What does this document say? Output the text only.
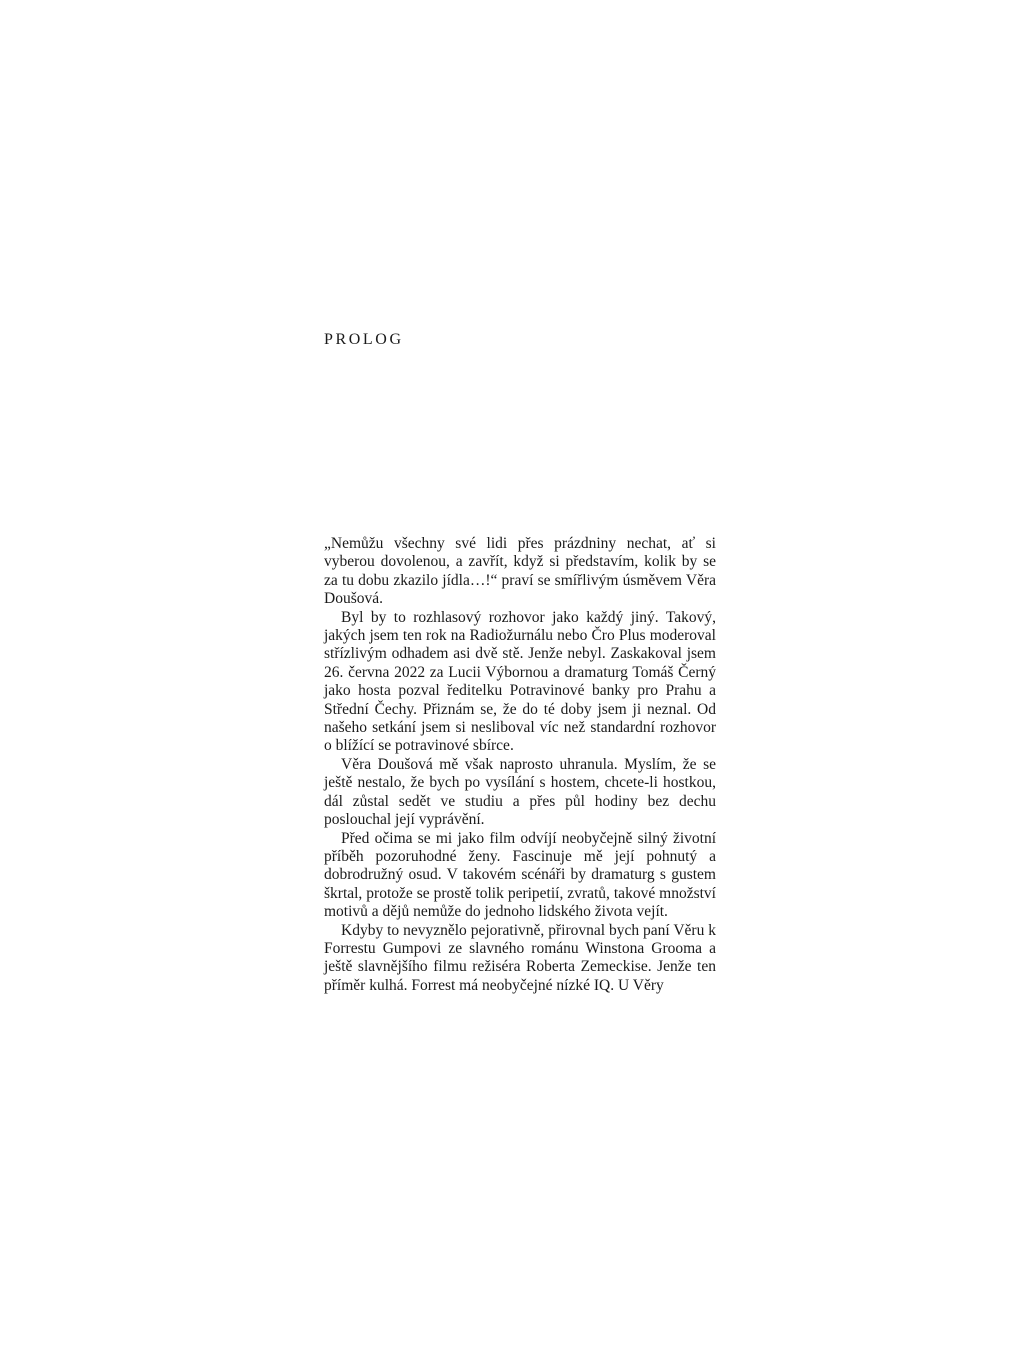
PROLOG

„Nemůžu všechny své lidi přes prázdniny nechat, ať si vyberou dovolenou, a zavřít, když si představím, kolik by se za tu dobu zkazilo jídla…!“ praví se smířlivým úsměvem Věra Doušová.

Byl by to rozhlasový rozhovor jako každý jiný. Takový, jakých jsem ten rok na Radiožurnálu nebo Čro Plus moderoval střízlivým odhadem asi dvě stě. Jenže nebyl. Zaskakoval jsem 26. června 2022 za Lucii Výbornou a dramaturg Tomáš Černý jako hosta pozval ředitelku Potravinové banky pro Prahu a Střední Čechy. Přiznám se, že do té doby jsem ji neznal. Od našeho setkání jsem si nesliboval víc než standardní rozhovor o blížící se potravinové sbírce.

Věra Doušová mě však naprosto uhranula. Myslím, že se ještě nestalo, že bych po vysílání s hostem, chcete-li hostkou, dál zůstal sedět ve studiu a přes půl hodiny bez dechu poslouchal její vyprávění.

Před očima se mi jako film odvíjí neobyčejně silný životní příběh pozoruhodné ženy. Fascinuje mě její pohnutý a dobrodružný osud. V takovém scénáři by dramaturg s gustem škrtal, protože se prostě tolik peripetií, zvratů, takové množství motivů a dějů nemůže do jednoho lidského života vejít.

Kdyby to nevyznělo pejorativně, přirovnal bych paní Věru k Forrestu Gumpovi ze slavného románu Winstona Grooma a ještě slavnějšího filmu režiséra Roberta Zemeckise. Jenže ten příměr kulhá. Forrest má neobyčejné nízké IQ. U Věry
